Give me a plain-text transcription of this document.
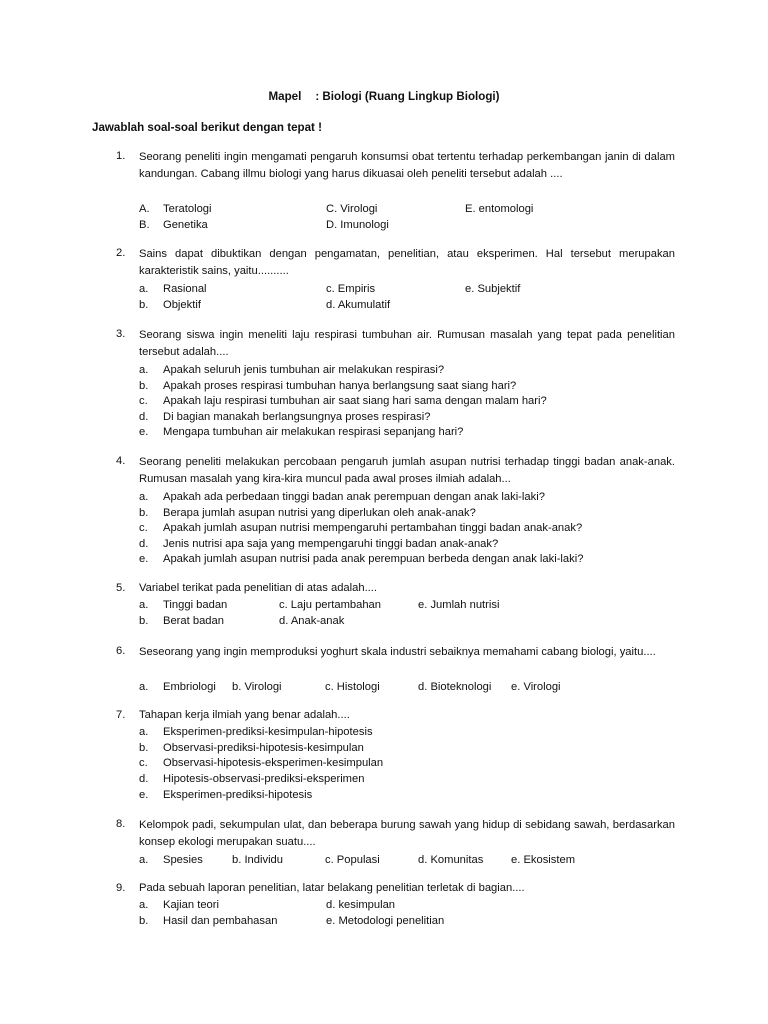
Mapel : Biologi (Ruang Lingkup Biologi)
Jawablah soal-soal berikut dengan tepat !
1. Seorang peneliti ingin mengamati pengaruh konsumsi obat tertentu terhadap perkembangan janin di dalam kandungan. Cabang illmu biologi yang harus dikuasai oleh peneliti tersebut adalah ....
A. Teratologi	C. Virologi	E. entomologi
B. Genetika	D. Imunologi
2. Sains dapat dibuktikan dengan pengamatan, penelitian, atau eksperimen. Hal tersebut merupakan karakteristik sains, yaitu..........
a. Rasional	c. Empiris	e. Subjektif
b. Objektif	d. Akumulatif
3. Seorang siswa ingin meneliti laju respirasi tumbuhan air. Rumusan masalah yang tepat pada penelitian tersebut adalah....
a. Apakah seluruh jenis tumbuhan air melakukan respirasi?
b. Apakah proses respirasi tumbuhan hanya berlangsung saat siang hari?
c. Apakah laju respirasi tumbuhan air saat siang hari sama dengan malam hari?
d. Di bagian manakah berlangsungnya proses respirasi?
e. Mengapa tumbuhan air melakukan respirasi sepanjang hari?
4. Seorang peneliti melakukan percobaan pengaruh jumlah asupan nutrisi terhadap tinggi badan anak-anak. Rumusan masalah yang kira-kira muncul pada awal proses ilmiah adalah...
a. Apakah ada perbedaan tinggi badan anak perempuan dengan anak laki-laki?
b. Berapa jumlah asupan nutrisi yang diperlukan oleh anak-anak?
c. Apakah jumlah asupan nutrisi mempengaruhi pertambahan tinggi badan anak-anak?
d. Jenis nutrisi apa saja yang mempengaruhi tinggi badan anak-anak?
e. Apakah jumlah asupan nutrisi pada anak perempuan berbeda dengan anak laki-laki?
5. Variabel terikat pada penelitian di atas adalah....
a. Tinggi badan	c. Laju pertambahan	e. Jumlah nutrisi
b. Berat badan	d. Anak-anak
6. Seseorang yang ingin memproduksi yoghurt skala industri sebaiknya memahami cabang biologi, yaitu....
a. Embriologi b. Virologi	c. Histologi	d. Bioteknologi e. Virologi
7. Tahapan kerja ilmiah yang benar adalah....
a. Eksperimen-prediksi-kesimpulan-hipotesis
b. Observasi-prediksi-hipotesis-kesimpulan
c. Observasi-hipotesis-eksperimen-kesimpulan
d. Hipotesis-observasi-prediksi-eksperimen
e. Eksperimen-prediksi-hipotesis
8. Kelompok padi, sekumpulan ulat, dan beberapa burung sawah yang hidup di sebidang sawah, berdasarkan konsep ekologi merupakan suatu....
a. Spesies	b. Individu	c. Populasi	d. Komunitas e. Ekosistem
9. Pada sebuah laporan penelitian, latar belakang penelitian terletak di bagian....
a. Kajian teori	d. kesimpulan
b. Hasil dan pembahasan	e. Metodologi penelitian
